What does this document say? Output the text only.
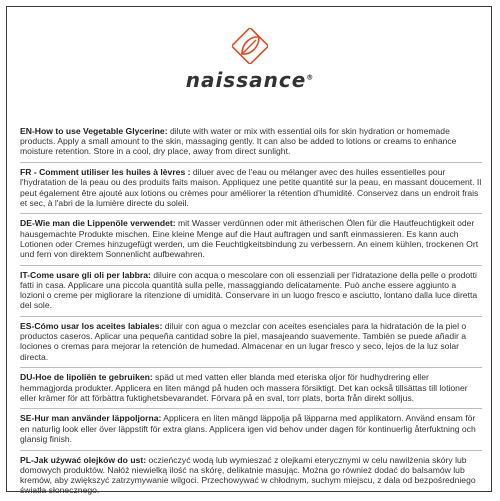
naissance®

EN-How to use Vegetable Glycerine: dilute with water or mix with essential oils for skin hydration or homemade products. Apply a small amount to the skin, massaging gently. It can also be added to lotions or creams to enhance moisture retention. Store in a cool, dry place, away from direct sunlight.

FR - Comment utiliser les huiles à lèvres : diluer avec de l'eau ou mélanger avec des huiles essentielles pour l'hydratation de la peau ou des produits faits maison. Appliquez une petite quantité sur la peau, en massant doucement. Il peut également être ajouté aux lotions ou crèmes pour améliorer la rétention d'humidité. Conservez dans un endroit frais et sec, à l'abri de la lumière directe du soleil.

DE-Wie man die Lippenöle verwendet: mit Wasser verdünnen oder mit ätherischen Ölen für die Hautfeuchtigkeit oder hausgemachte Produkte mischen. Eine kleine Menge auf die Haut auftragen und sanft einmassieren. Es kann auch Lotionen oder Cremes hinzugefügt werden, um die Feuchtigkeitsbindung zu verbessern. An einem kühlen, trockenen Ort und fern von direktem Sonnenlicht aufbewahren.

IT-Come usare gli oli per labbra: diluire con acqua o mescolare con oli essenziali per l'idratazione della pelle o prodotti fatti in casa. Applicare una piccola quantità sulla pelle, massaggiando delicatamente. Può anche essere aggiunto a lozioni o creme per migliorare la ritenzione di umidità. Conservare in un luogo fresco e asciutto, lontano dalla luce diretta del sole.

ES-Cómo usar los aceites labiales: diluir con agua o mezclar con aceites esenciales para la hidratación de la piel o productos caseros. Aplicar una pequeña cantidad sobre la piel, masajeando suavemente. También se puede añadir a lociones o cremas para mejorar la retención de humedad. Almacenar en un lugar fresco y seco, lejos de la luz solar directa.

DU-Hoe de lipoliën te gebruiken: späd ut med vatten eller blanda med eteriska oljor för hudhydrering eller hemmagjorda produkter. Applicera en liten mängd på huden och massera försiktigt. Det kan också tillsättas till lotioner eller krämer för att förbättra fuktighetsbevarandet. Förvara på en sval, torr plats, borta från direkt solljus.

SE-Hur man använder läppoljorna: Applicera en liten mängd läppolja på läpparna med applikatorn. Använd ensam för en naturlig look eller över läppstift för extra glans. Applicera igen vid behov under dagen för kontinuerlig återfuktning och glansig finish.

PL-Jak używać olejków do ust: oczieńczyć wodą lub wymieszać z olejkami eterycznymi w celu nawilżenia skóry lub domowych produktów. Nałóż niewielką ilość na skórę, delikatnie masując. Można go również dodać do balsamów lub kremów, aby zwiększyć zatrzymywanie wilgoci. Przechowywać w chłodnym, suchym miejscu, z dala od bezpośredniego światła słonecznego.
